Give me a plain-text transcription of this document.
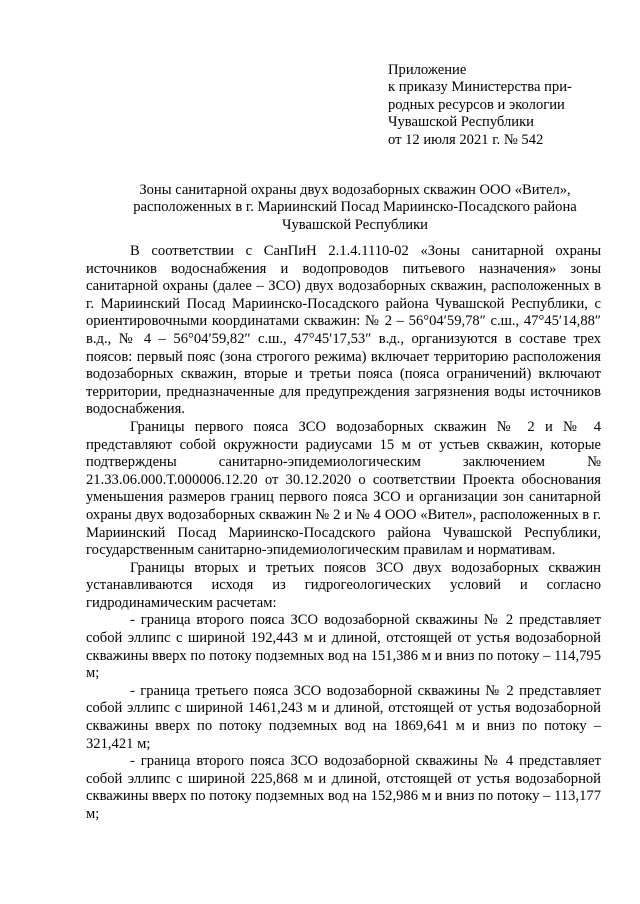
Приложение
к приказу Министерства при-
родных ресурсов и экологии
Чувашской Республики
от 12 июля 2021 г. № 542
Зоны санитарной охраны двух водозаборных скважин ООО «Вител»,
расположенных в г. Мариинский Посад Мариинско-Посадского района
Чувашской Республики

В соответствии с СанПиН 2.1.4.1110-02 «Зоны санитарной охраны источников водоснабжения и водопроводов питьевого назначения» зоны санитарной охраны (далее – ЗСО) двух водозаборных скважин, расположенных в г. Мариинский Посад Мариинско-Посадского района Чувашской Республики, с ориентировочными координатами скважин: № 2 – 56°04′59,78″ с.ш., 47°45′14,88″ в.д., № 4 – 56°04′59,82″ с.ш., 47°45′17,53″ в.д., организуются в составе трех поясов: первый пояс (зона строгого режима) включает территорию расположения водозаборных скважин, вторые и третьи пояса (пояса ограничений) включают территории, предназначенные для предупреждения загрязнения воды источников водоснабжения.

Границы первого пояса ЗСО водозаборных скважин № 2 и № 4 представляют собой окружности радиусами 15 м от устьев скважин, которые подтверждены санитарно-эпидемиологическим заключением № 21.33.06.000.Т.000006.12.20 от 30.12.2020 о соответствии Проекта обоснования уменьшения размеров границ первого пояса ЗСО и организации зон санитарной охраны двух водозаборных скважин № 2 и № 4 ООО «Вител», расположенных в г. Мариинский Посад Мариинско-Посадского района Чувашской Республики, государственным санитарно-эпидемиологическим правилам и нормативам.

Границы вторых и третьих поясов ЗСО двух водозаборных скважин устанавливаются исходя из гидрогеологических условий и согласно гидродинамическим расчетам:

- граница второго пояса ЗСО водозаборной скважины № 2 представляет собой эллипс с шириной 192,443 м и длиной, отстоящей от устья водозаборной скважины вверх по потоку подземных вод на 151,386 м и вниз по потоку – 114,795 м;

- граница третьего пояса ЗСО водозаборной скважины № 2 представляет собой эллипс с шириной 1461,243 м и длиной, отстоящей от устья водозаборной скважины вверх по потоку подземных вод на 1869,641 м и вниз по потоку – 321,421 м;

- граница второго пояса ЗСО водозаборной скважины № 4 представляет собой эллипс с шириной 225,868 м и длиной, отстоящей от устья водозаборной скважины вверх по потоку подземных вод на 152,986 м и вниз по потоку – 113,177 м;
